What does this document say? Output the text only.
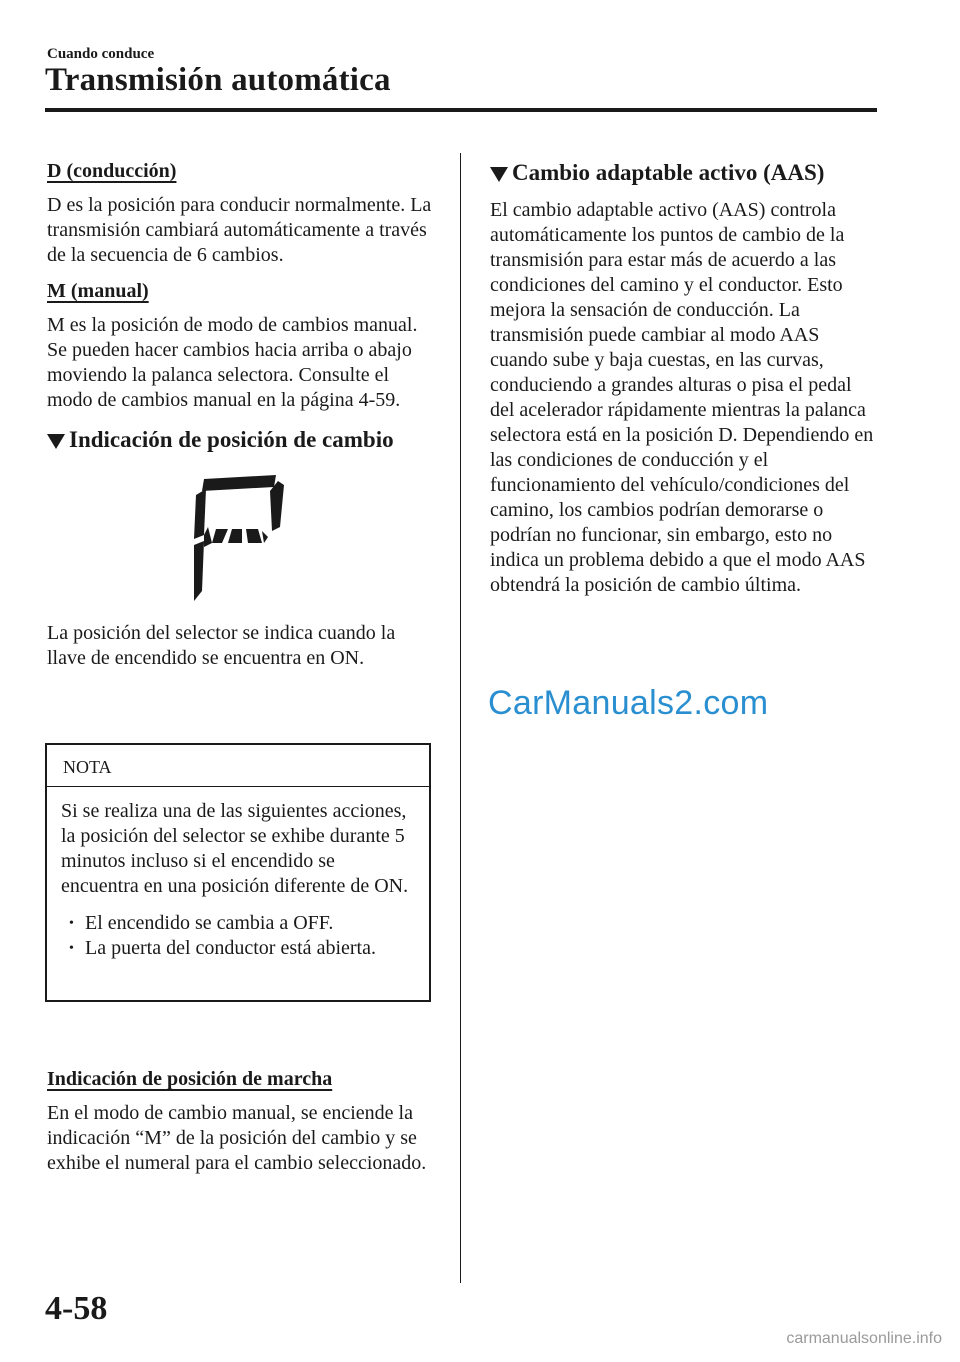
Cuando conduce
Transmisión automática
D (conducción)

D es la posición para conducir normalmente. La transmisión cambiará automáticamente a través de la secuencia de 6 cambios.

M (manual)

M es la posición de modo de cambios manual. Se pueden hacer cambios hacia arriba o abajo moviendo la palanca selectora. Consulte el modo de cambios manual en la página 4-59.

Indicación de posición de cambio

La posición del selector se indica cuando la llave de encendido se encuentra en ON.

NOTA

Si se realiza una de las siguientes acciones, la posición del selector se exhibe durante 5 minutos incluso si el encendido se encuentra en una posición diferente de ON.

• El encendido se cambia a OFF.
• La puerta del conductor está abierta.
Indicación de posición de marcha

En el modo de cambio manual, se enciende la indicación “M” de la posición del cambio y se exhibe el numeral para el cambio seleccionado.

Cambio adaptable activo (AAS)

El cambio adaptable activo (AAS) controla automáticamente los puntos de cambio de la transmisión para estar más de acuerdo a las condiciones del camino y el conductor. Esto mejora la sensación de conducción. La transmisión puede cambiar al modo AAS cuando sube y baja cuestas, en las curvas, conduciendo a grandes alturas o pisa el pedal del acelerador rápidamente mientras la palanca selectora está en la posición D. Dependiendo en las condiciones de conducción y el funcionamiento del vehículo/condiciones del camino, los cambios podrían demorarse o podrían no funcionar, sin embargo, esto no indica un problema debido a que el modo AAS obtendrá la posición de cambio última.

CarManuals2.com
4-58
carmanualsonline.info
